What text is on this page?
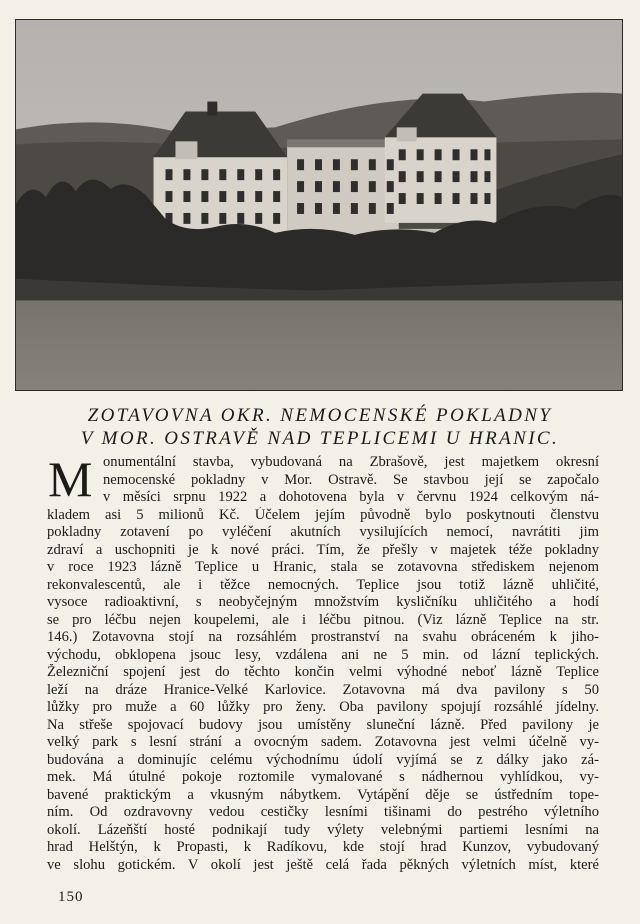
ZOTAVOVNA OKR. NEMOCENSKÉ POKLADNY
V MOR. OSTRAVĚ NAD TEPLICEMI U HRANIC.
M onumentální stavba, vybudovaná na Zbrašově, jest majetkem okresní
nemocenské pokladny v Mor. Ostravě. Se stavbou její se započalo
v měsíci srpnu 1922 a dohotovena byla v červnu 1924 celkovým ná-
kladem asi 5 milionů Kč. Účelem jejím původně bylo poskytnouti členstvu
pokladny zotavení po vyléčení akutních vysilujících nemocí, navrátiti jim
zdraví a uschopniti je k nové práci. Tím, že přešly v majetek téže pokladny
v roce 1923 lázně Teplice u Hranic, stala se zotavovna střediskem nejenom
rekonvalescentů, ale i těžce nemocných. Teplice jsou totiž lázně uhličité,
vysoce radioaktivní, s neobyčejným množstvím kysličníku uhličitého a hodí
se pro léčbu nejen koupelemi, ale i léčbu pitnou. (Viz lázně Teplice na str.
146.) Zotavovna stojí na rozsáhlém prostranství na svahu obráceném k jiho-
východu, obklopena jsouc lesy, vzdálena ani ne 5 min. od lázní teplických.
Železniční spojení jest do těchto končin velmi výhodné neboť lázně Teplice
leží na dráze Hranice-Velké Karlovice. Zotavovna má dva pavilony s 50
lůžky pro muže a 60 lůžky pro ženy. Oba pavilony spojují rozsáhlé jídelny.
Na střeše spojovací budovy jsou umístěny sluneční lázně. Před pavilony je
velký park s lesní strání a ovocným sadem. Zotavovna jest velmi účelně vy-
budována a dominujíc celému východnímu údolí vyjímá se z dálky jako zá-
mek. Má útulné pokoje roztomile vymalované s nádhernou vyhlídkou, vy-
bavené praktickým a vkusným nábytkem. Vytápění děje se ústředním tope-
ním. Od ozdravovny vedou cestičky lesními tišinami do pestrého výletního
okolí. Lázeňští hosté podnikají tudy výlety velebnými partiemi lesními na
hrad Helštýn, k Propasti, k Radíkovu, kde stojí hrad Kunzov, vybudovaný
ve slohu gotickém. V okolí jest ještě celá řada pěkných výletních míst, které
150
